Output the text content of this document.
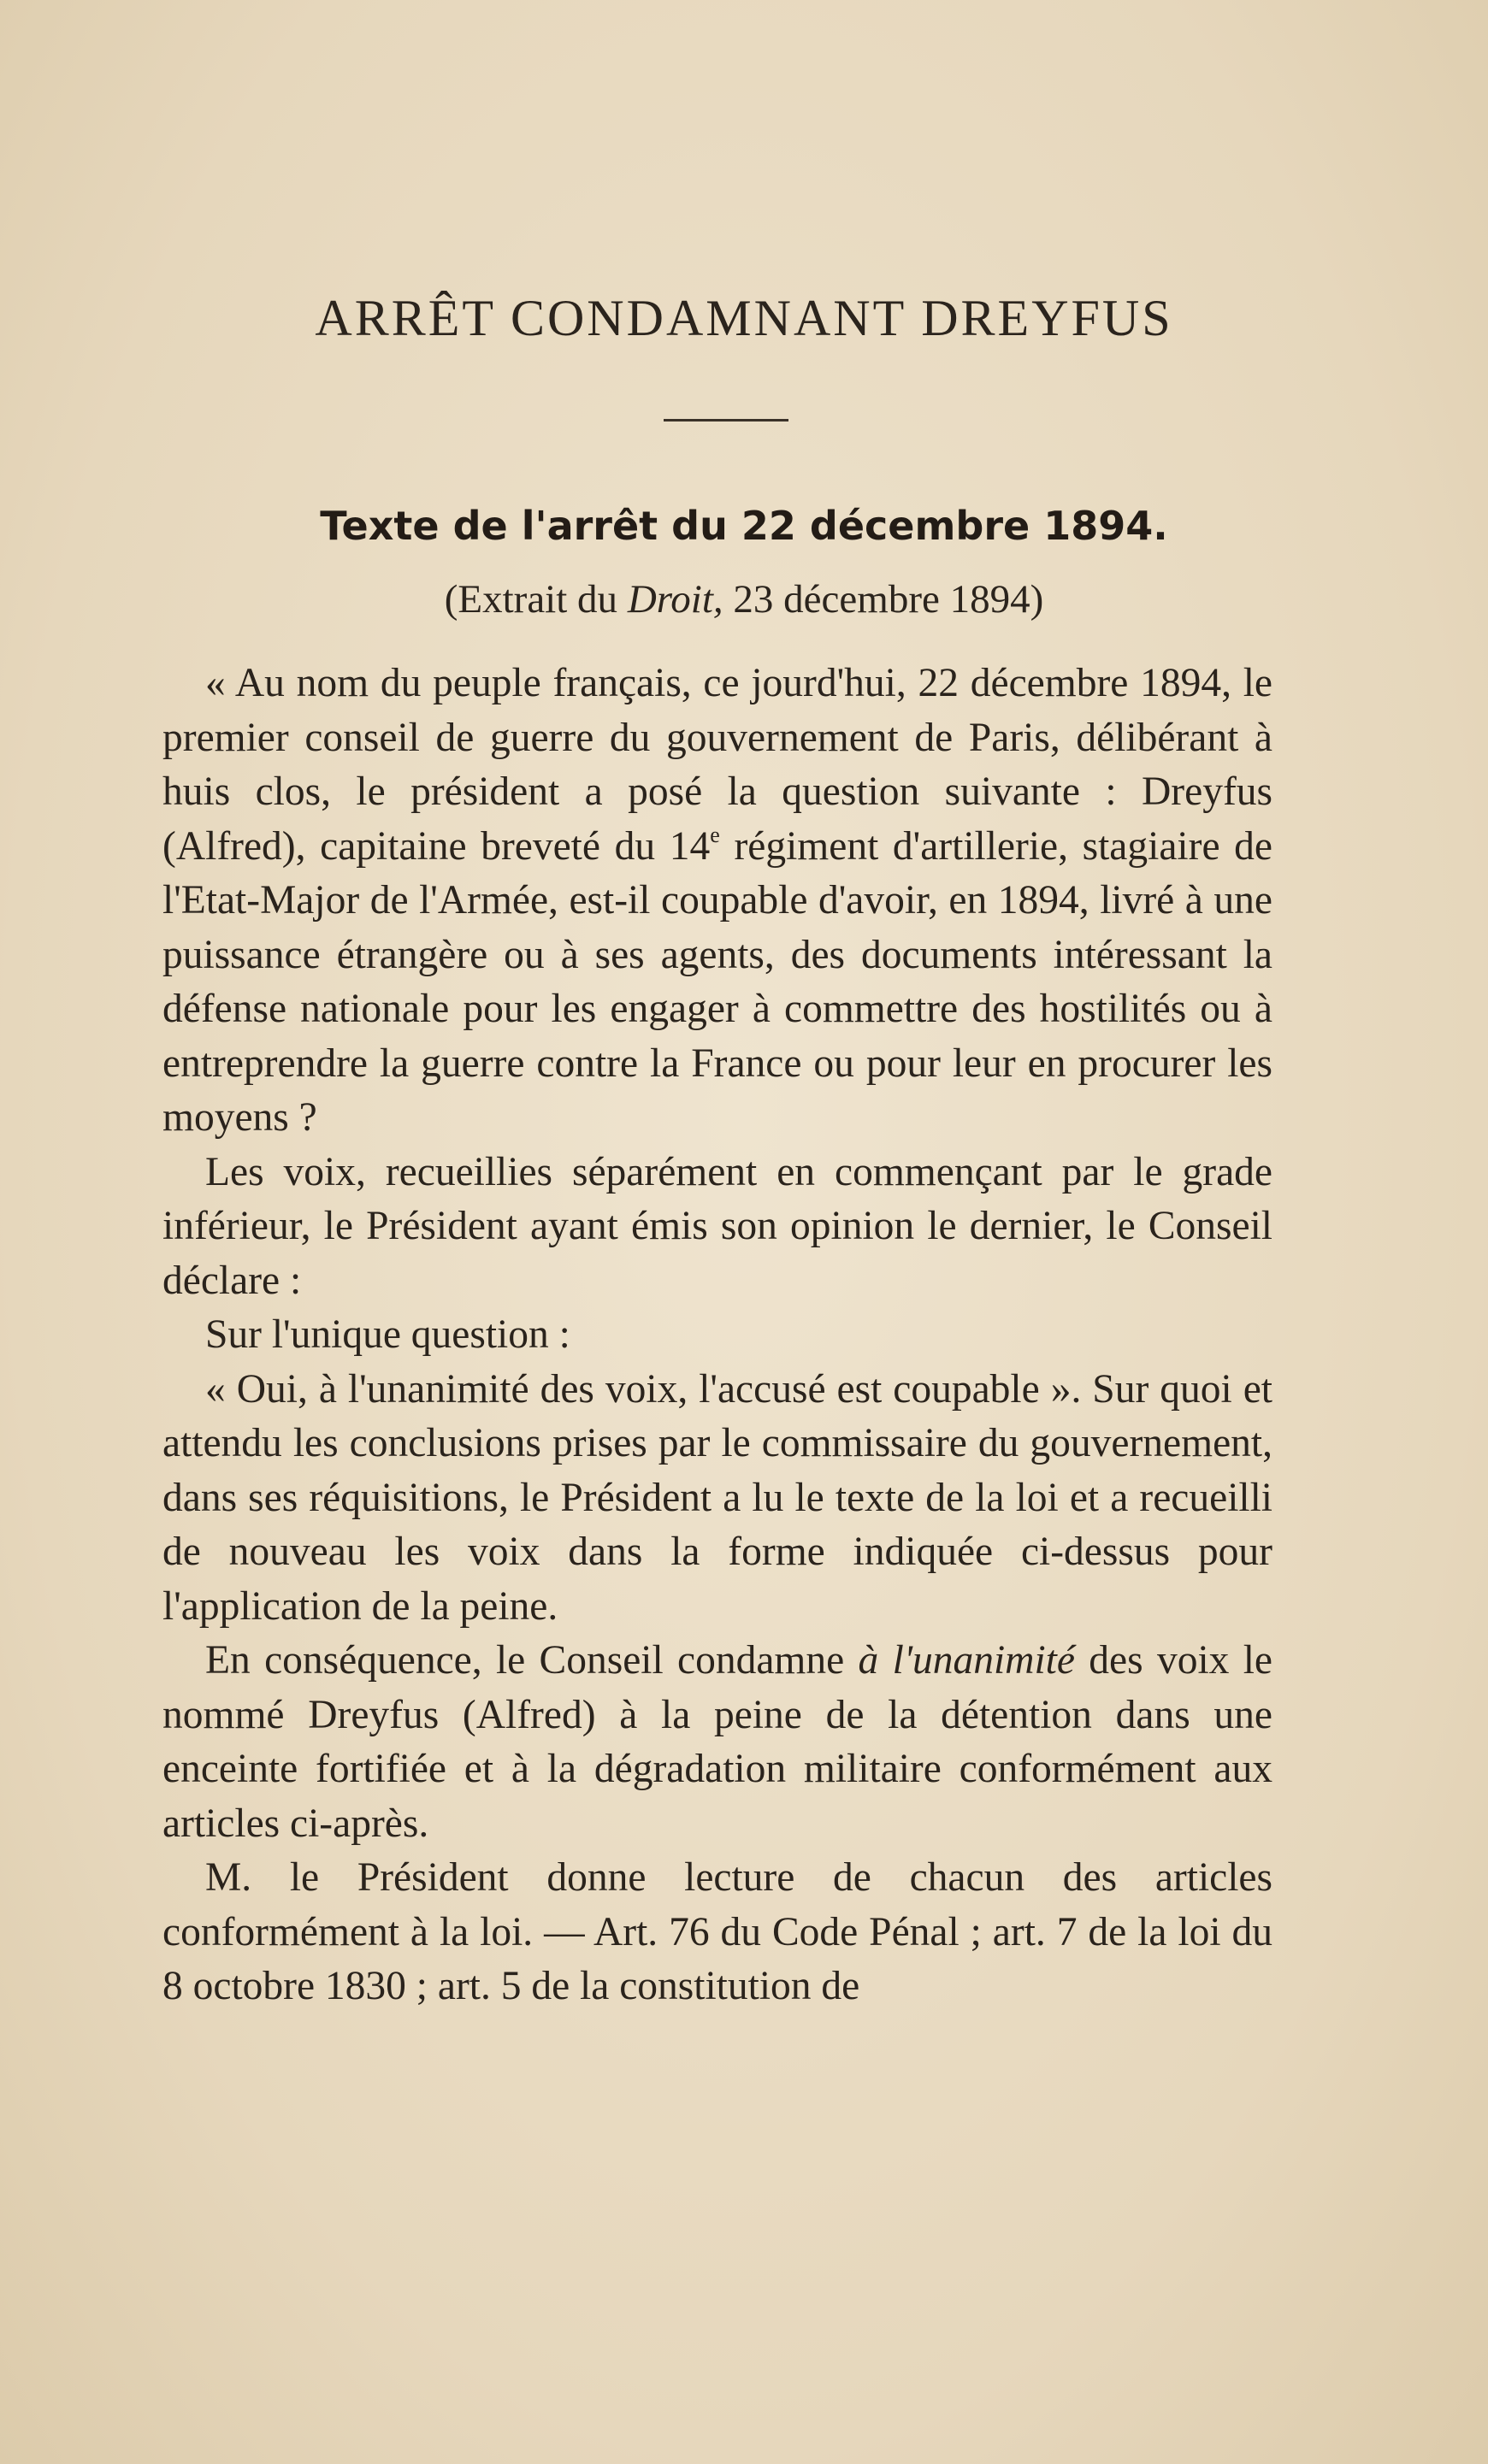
ARRÊT CONDAMNANT DREYFUS
Texte de l'arrêt du 22 décembre 1894.
(Extrait du Droit, 23 décembre 1894)

« Au nom du peuple français, ce jourd'hui, 22 décembre 1894, le premier conseil de guerre du gouvernement de Paris, délibérant à huis clos, le président a posé la question suivante : Dreyfus (Alfred), capitaine breveté du 14e régiment d'artillerie, stagiaire de l'Etat-Major de l'Armée, est-il coupable d'avoir, en 1894, livré à une puissance étrangère ou à ses agents, des documents intéressant la défense nationale pour les engager à commettre des hostilités ou à entreprendre la guerre contre la France ou pour leur en procurer les moyens ?

Les voix, recueillies séparément en commençant par le grade inférieur, le Président ayant émis son opinion le dernier, le Conseil déclare :

Sur l'unique question :

« Oui, à l'unanimité des voix, l'accusé est coupable ». Sur quoi et attendu les conclusions prises par le commissaire du gouvernement, dans ses réquisitions, le Président a lu le texte de la loi et a recueilli de nouveau les voix dans la forme indiquée ci-dessus pour l'application de la peine.

En conséquence, le Conseil condamne à l'unanimité des voix le nommé Dreyfus (Alfred) à la peine de la détention dans une enceinte fortifiée et à la dégradation militaire conformément aux articles ci-après.

M. le Président donne lecture de chacun des articles conformément à la loi. — Art. 76 du Code Pénal ; art. 7 de la loi du 8 octobre 1830 ; art. 5 de la constitution de
